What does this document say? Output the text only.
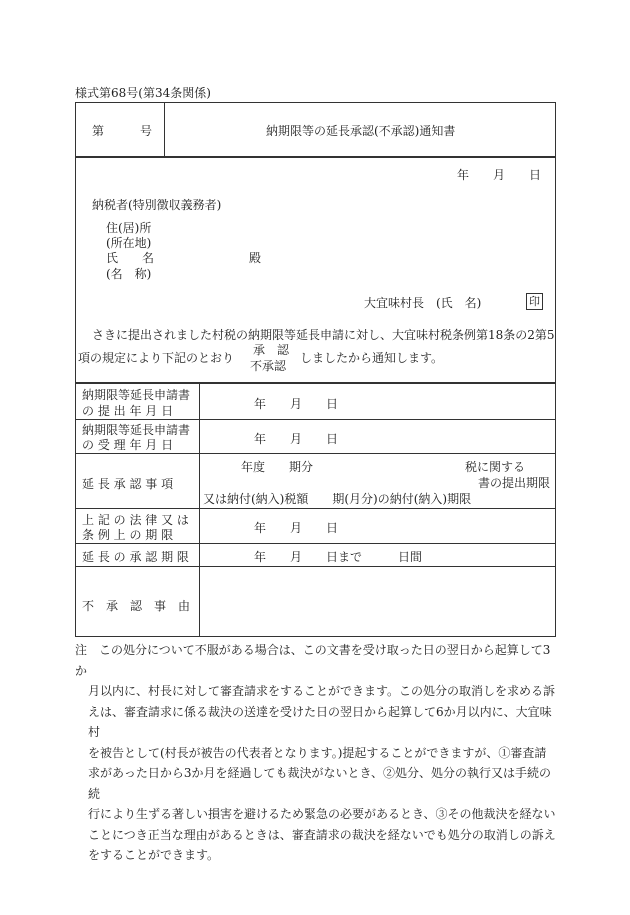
様式第68号(第34条関係)
第　　　号	納期限等の延長承認(不承認)通知書
年　　月　　日
納税者(特別徴収義務者)
住(居)所
(所在地)
氏　　名	殿
(名　称)
大宜味村長　(氏　名)	印
さきに提出されました村税の納期限等延長申請に対し、大宜味村税条例第18条の2第5
項の規定により下記のとおり
承　認
不承認
しましたから通知します。
納期限等延長申請書
の 提 出 年 月 日	年　　月　　日
納期限等延長申請書
の 受 理 年 月 日	年　　月　　日
延 長 承 認 事 項
年度　　期分	税に関する
書の提出期限
又は納付(納入)税額　　期(月分)の納付(納入)期限
上 記 の 法 律 又 は
条 例 上 の 期 限	年　　月　　日
延 長 の 承 認 期 限	年　　月　　日まで　　　日間
不　承　認　事　由
注　この処分について不服がある場合は、この文書を受け取った日の翌日から起算して3か
月以内に、村長に対して審査請求をすることができます。この処分の取消しを求める訴
えは、審査請求に係る裁決の送達を受けた日の翌日から起算して6か月以内に、大宜味村
を被告として(村長が被告の代表者となります。)提起することができますが、①審査請
求があった日から3か月を経過しても裁決がないとき、②処分、処分の執行又は手続の続
行により生ずる著しい損害を避けるため緊急の必要があるとき、③その他裁決を経ない
ことにつき正当な理由があるときは、審査請求の裁決を経ないでも処分の取消しの訴え
をすることができます。
